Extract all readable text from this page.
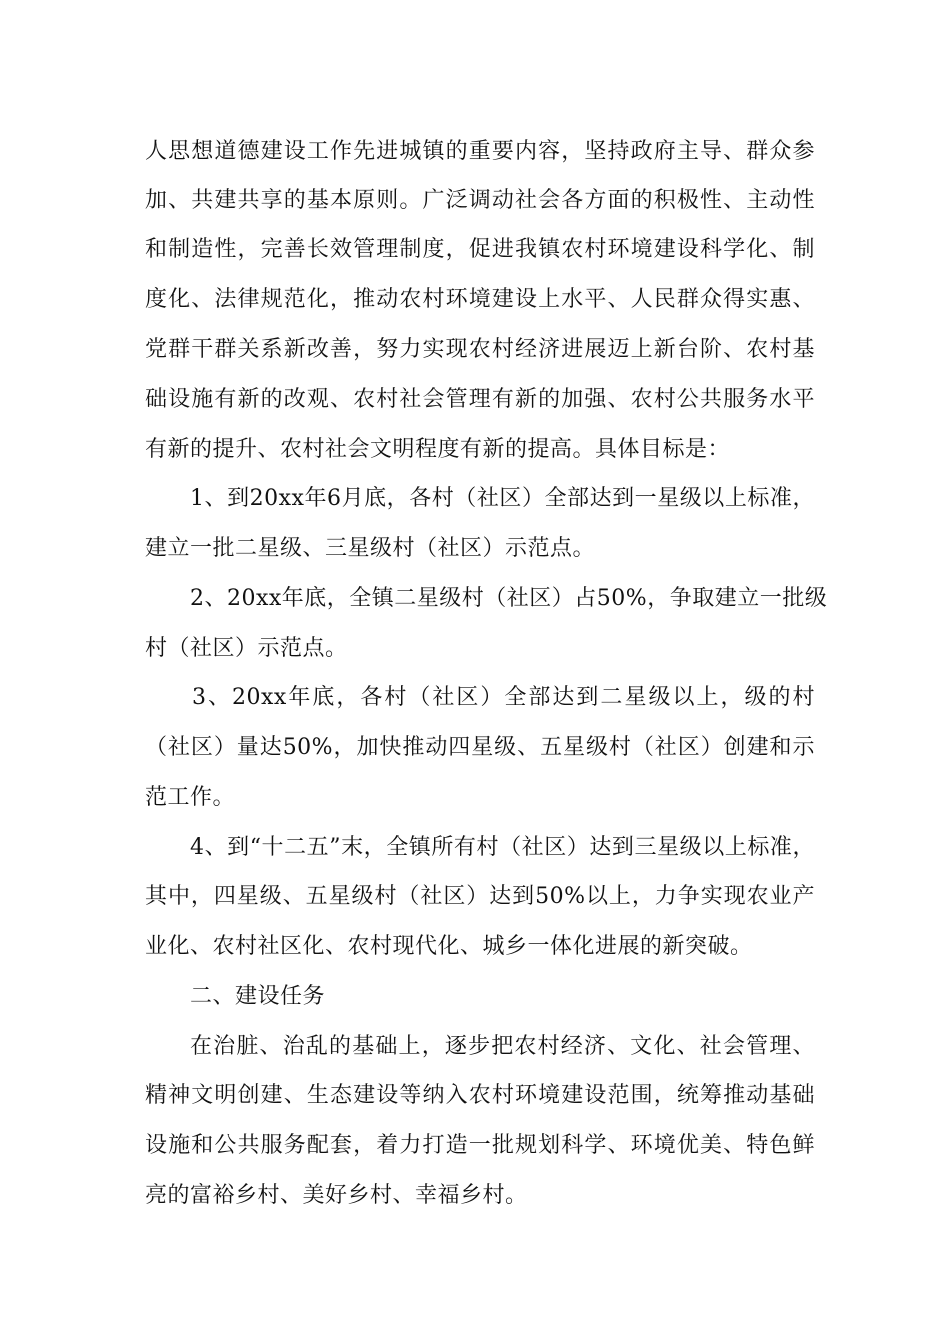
人思想道德建设工作先进城镇的重要内容，坚持政府主导、群众参
加、共建共享的基本原则。广泛调动社会各方面的积极性、主动性
和制造性，完善长效管理制度，促进我镇农村环境建设科学化、制
度化、法律规范化，推动农村环境建设上水平、人民群众得实惠、
党群干群关系新改善，努力实现农村经济进展迈上新台阶、农村基
础设施有新的改观、农村社会管理有新的加强、农村公共服务水平
有新的提升、农村社会文明程度有新的提高。具体目标是：
1、到20xx年6月底，各村（社区）全部达到一星级以上标准，
建立一批二星级、三星级村（社区）示范点。
2、20xx年底，全镇二星级村（社区）占50%，争取建立一批级
村（社区）示范点。
3、20xx年底，各村（社区）全部达到二星级以上，级的村
（社区）量达50%，加快推动四星级、五星级村（社区）创建和示
范工作。
4、到“十二五”末，全镇所有村（社区）达到三星级以上标准，
其中，四星级、五星级村（社区）达到50%以上，力争实现农业产
业化、农村社区化、农村现代化、城乡一体化进展的新突破。
二、建设任务
在治脏、治乱的基础上，逐步把农村经济、文化、社会管理、
精神文明创建、生态建设等纳入农村环境建设范围，统筹推动基础
设施和公共服务配套，着力打造一批规划科学、环境优美、特色鲜
亮的富裕乡村、美好乡村、幸福乡村。
